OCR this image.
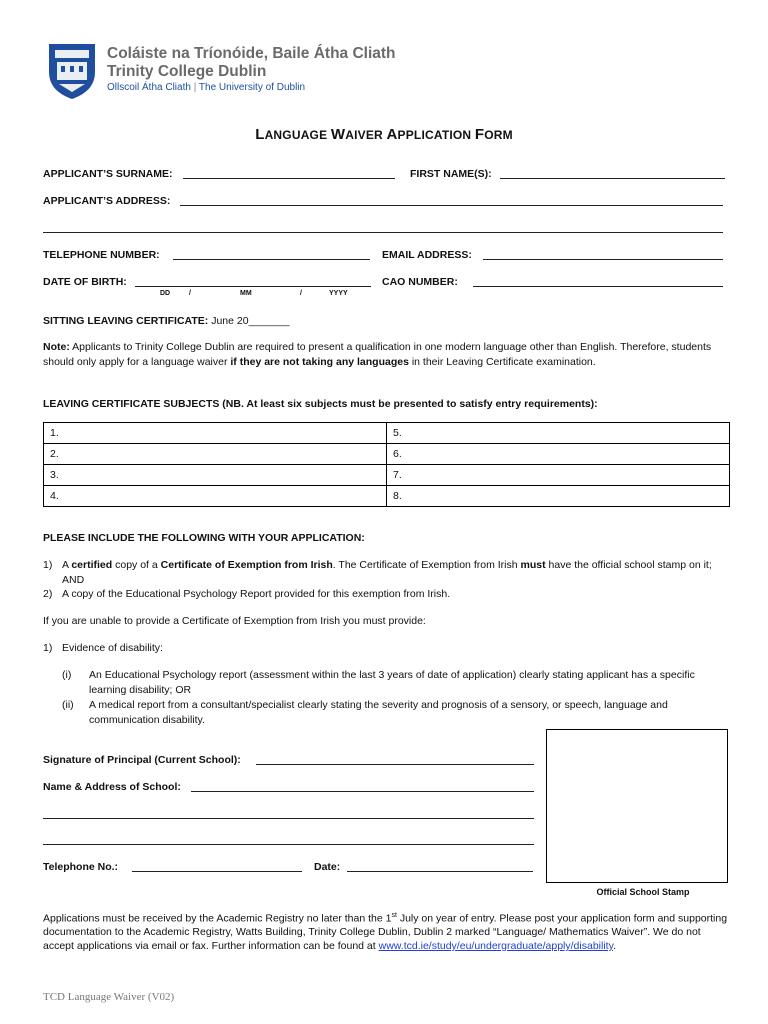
Coláiste na Tríonóide, Baile Átha Cliath
Trinity College Dublin
Ollscoil Átha Cliath | The University of Dublin
LANGUAGE WAIVER APPLICATION FORM
APPLICANT’S SURNAME:	FIRST NAME(S):
APPLICANT’S ADDRESS:
TELEPHONE NUMBER:	EMAIL ADDRESS:
DATE OF BIRTH:	CAO NUMBER:
DD	/	MM	/	YYYY
SITTING LEAVING CERTIFICATE: June 20_______
Note: Applicants to Trinity College Dublin are required to present a qualification in one modern language other than English. Therefore, students should only apply for a language waiver if they are not taking any languages in their Leaving Certificate examination.
LEAVING CERTIFICATE SUBJECTS (NB. At least six subjects must be presented to satisfy entry requirements):
1.	5.
2.	6.
3.	7.
4.	8.
PLEASE INCLUDE THE FOLLOWING WITH YOUR APPLICATION:
1) A certified copy of a Certificate of Exemption from Irish. The Certificate of Exemption from Irish must have the official school stamp on it; AND
2) A copy of the Educational Psychology Report provided for this exemption from Irish.
If you are unable to provide a Certificate of Exemption from Irish you must provide:
1) Evidence of disability:
(i) An Educational Psychology report (assessment within the last 3 years of date of application) clearly stating applicant has a specific learning disability; OR
(ii) A medical report from a consultant/specialist clearly stating the severity and prognosis of a sensory, or speech, language and communication disability.
Signature of Principal (Current School):
Name & Address of School:
Telephone No.:	Date:
Official School Stamp
Applications must be received by the Academic Registry no later than the 1st July on year of entry. Please post your application form and supporting documentation to the Academic Registry, Watts Building, Trinity College Dublin, Dublin 2 marked “Language/ Mathematics Waiver”. We do not accept applications via email or fax. Further information can be found at www.tcd.ie/study/eu/undergraduate/apply/disability.
TCD Language Waiver (V02)
